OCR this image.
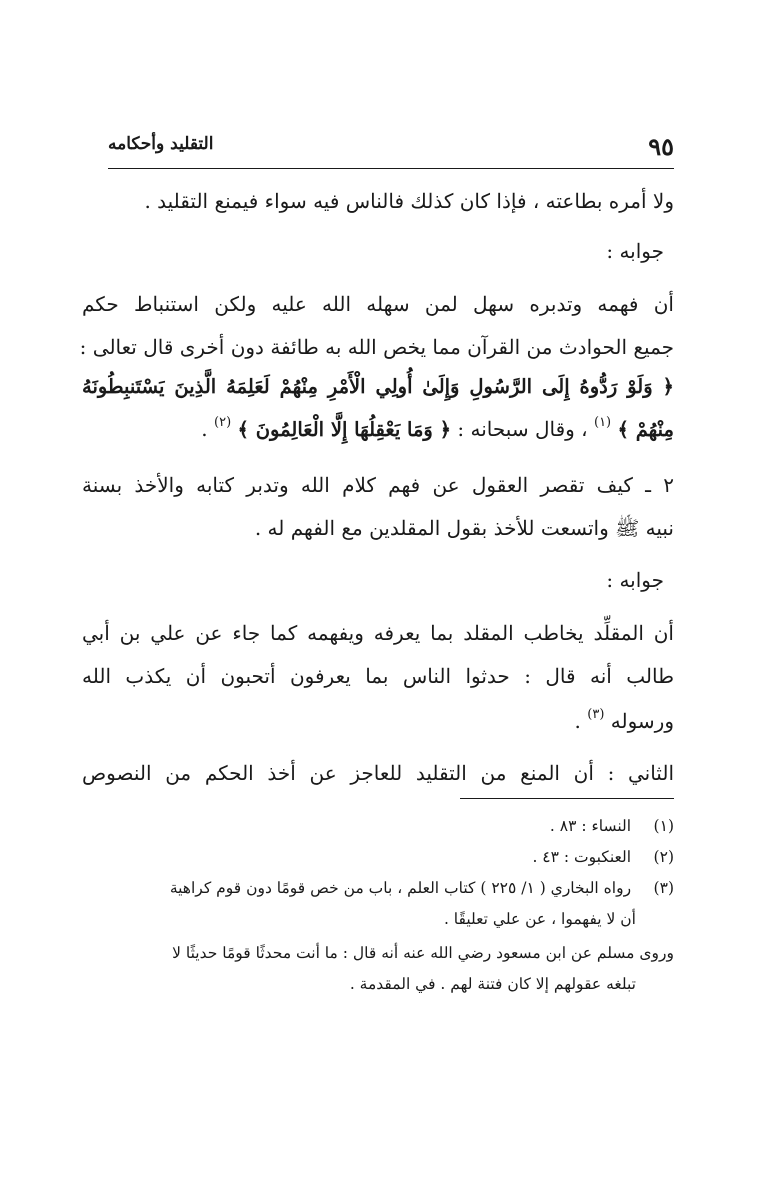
٩٥
التقليد وأحكامه
ولا أمره بطاعته ، فإذا كان كذلك فالناس فيه سواء فيمنع التقليد .
جوابه :
أن فهمه وتدبره سهل لمن سهله الله عليه ولكن استنباط حكم
جميع الحوادث من القرآن مما يخص الله به طائفة دون أخرى قال تعالى :
﴿ وَلَوْ رَدُّوهُ إِلَى الرَّسُولِ وَإِلَىٰ أُولِي الْأَمْرِ مِنْهُمْ لَعَلِمَهُ الَّذِينَ يَسْتَنبِطُونَهُ
مِنْهُمْ ﴾ $^{(١)}$ ، وقال سبحانه : ﴿ وَمَا يَعْقِلُهَا إِلَّا الْعَالِمُونَ ﴾ $^{(٢)}$ .
٢ ـ كيف تقصر العقول عن فهم كلام الله وتدبر كتابه والأخذ بسنة
نبيه ﷺ واتسعت للأخذ بقول المقلدين مع الفهم له .
جوابه :
أن المقلِّد يخاطب المقلد بما يعرفه ويفهمه كما جاء عن علي بن أبي
طالب أنه قال : حدثوا الناس بما يعرفون أتحبون أن يكذب الله
ورسوله $^{(٣)}$ .
الثاني : أن المنع من التقليد للعاجز عن أخذ الحكم من النصوص
(١) النساء : ٨٣ .
(٢) العنكبوت : ٤٣ .
(٣) رواه البخاري ( ١/ ٢٢٥ ) كتاب العلم ، باب من خص قومًا دون قوم كراهية
أن لا يفهموا ، عن علي تعليقًا .
وروى مسلم عن ابن مسعود رضي الله عنه أنه قال : ما أنت محدثًا قومًا حديثًا لا
تبلغه عقولهم إلا كان فتنة لهم . في المقدمة .
